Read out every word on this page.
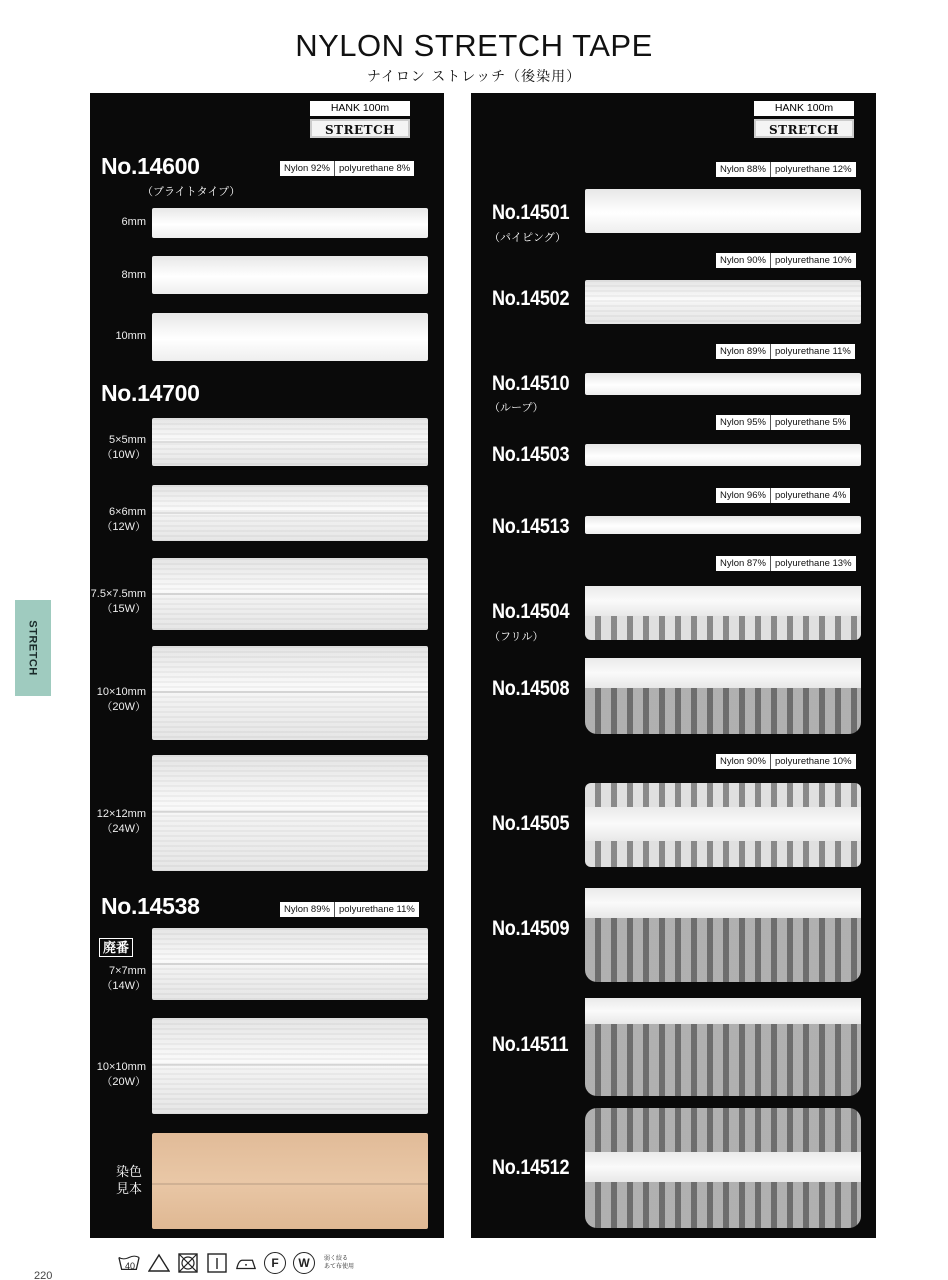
NYLON STRETCH TAPE
ナイロン ストレッチ（後染用）
STRETCH
HANK 100m
STRETCH
No.14600
（ブライトタイプ）
Nylon 92% polyurethane 8%
6mm
8mm
10mm
No.14700
5×5mm
（10W）
6×6mm
（12W）
7.5×7.5mm
（15W）
10×10mm
（20W）
12×12mm
（24W）
No.14538	Nylon 89% polyurethane 11%
廃番
7×7mm
（14W）
10×10mm
（20W）
染色見本
HANK 100m
STRETCH
Nylon 88% polyurethane 12%
No.14501
（パイピング）
Nylon 90% polyurethane 10%
No.14502
Nylon 89% polyurethane 11%
No.14510
（ループ）
Nylon 95% polyurethane 5%
No.14503
Nylon 96% polyurethane 4%
No.14513
Nylon 87% polyurethane 13%
No.14504
（フリル）
No.14508
Nylon 90% polyurethane 10%
No.14505
No.14509
No.14511
No.14512
40	F	W	弱く絞る あて布使用
220
